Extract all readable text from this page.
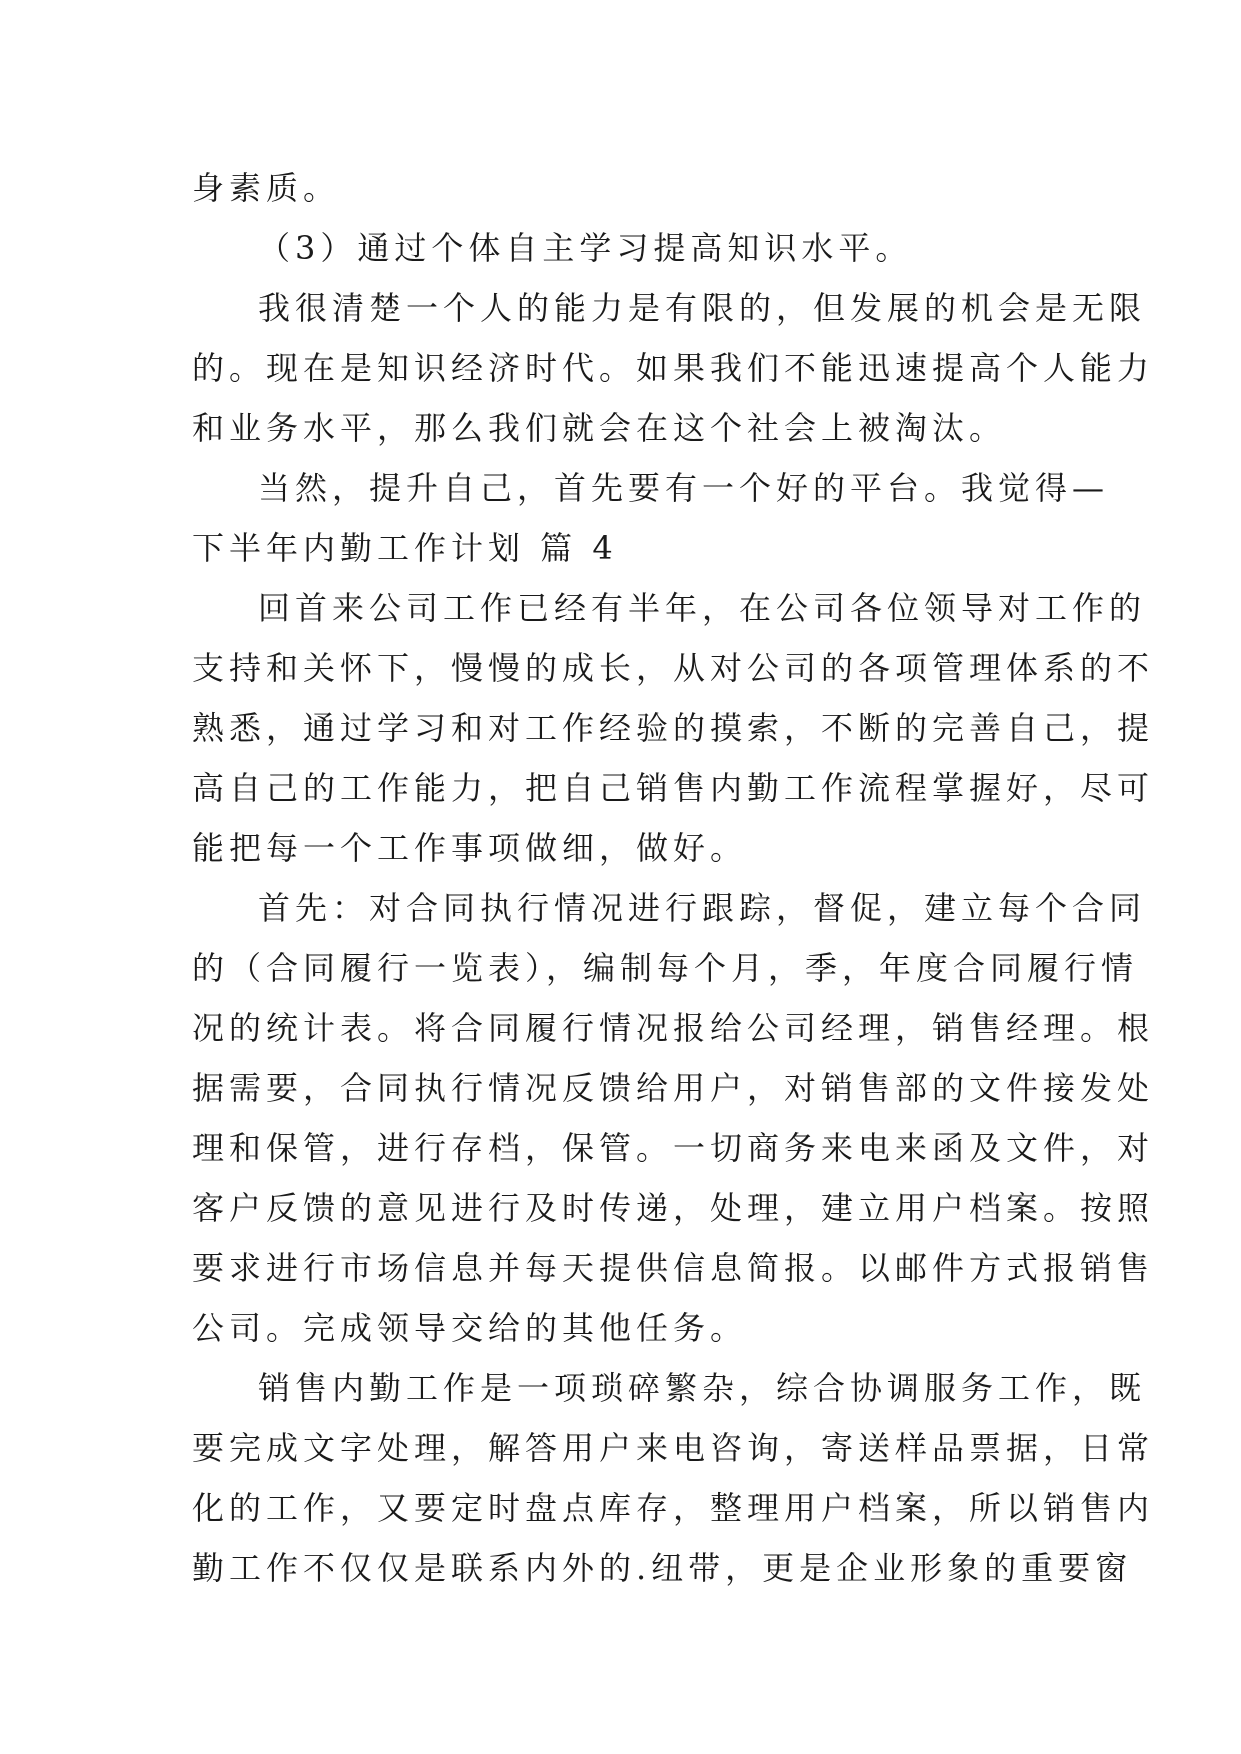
身素质。
（3）通过个体自主学习提高知识水平。
我很清楚一个人的能力是有限的，但发展的机会是无限
的。现在是知识经济时代。如果我们不能迅速提高个人能力
和业务水平，那么我们就会在这个社会上被淘汰。
当然，提升自己，首先要有一个好的平台。我觉得—
下半年内勤工作计划 篇 4
回首来公司工作已经有半年，在公司各位领导对工作的
支持和关怀下，慢慢的成长，从对公司的各项管理体系的不
熟悉，通过学习和对工作经验的摸索，不断的完善自己，提
高自己的工作能力，把自己销售内勤工作流程掌握好，尽可
能把每一个工作事项做细，做好。
首先：对合同执行情况进行跟踪，督促，建立每个合同
的（合同履行一览表），编制每个月，季，年度合同履行情
况的统计表。将合同履行情况报给公司经理，销售经理。根
据需要，合同执行情况反馈给用户，对销售部的文件接发处
理和保管，进行存档，保管。一切商务来电来函及文件，对
客户反馈的意见进行及时传递，处理，建立用户档案。按照
要求进行市场信息并每天提供信息简报。以邮件方式报销售
公司。完成领导交给的其他任务。
销售内勤工作是一项琐碎繁杂，综合协调服务工作，既
要完成文字处理，解答用户来电咨询，寄送样品票据，日常
化的工作，又要定时盘点库存，整理用户档案，所以销售内
勤工作不仅仅是联系内外的.纽带，更是企业形象的重要窗
